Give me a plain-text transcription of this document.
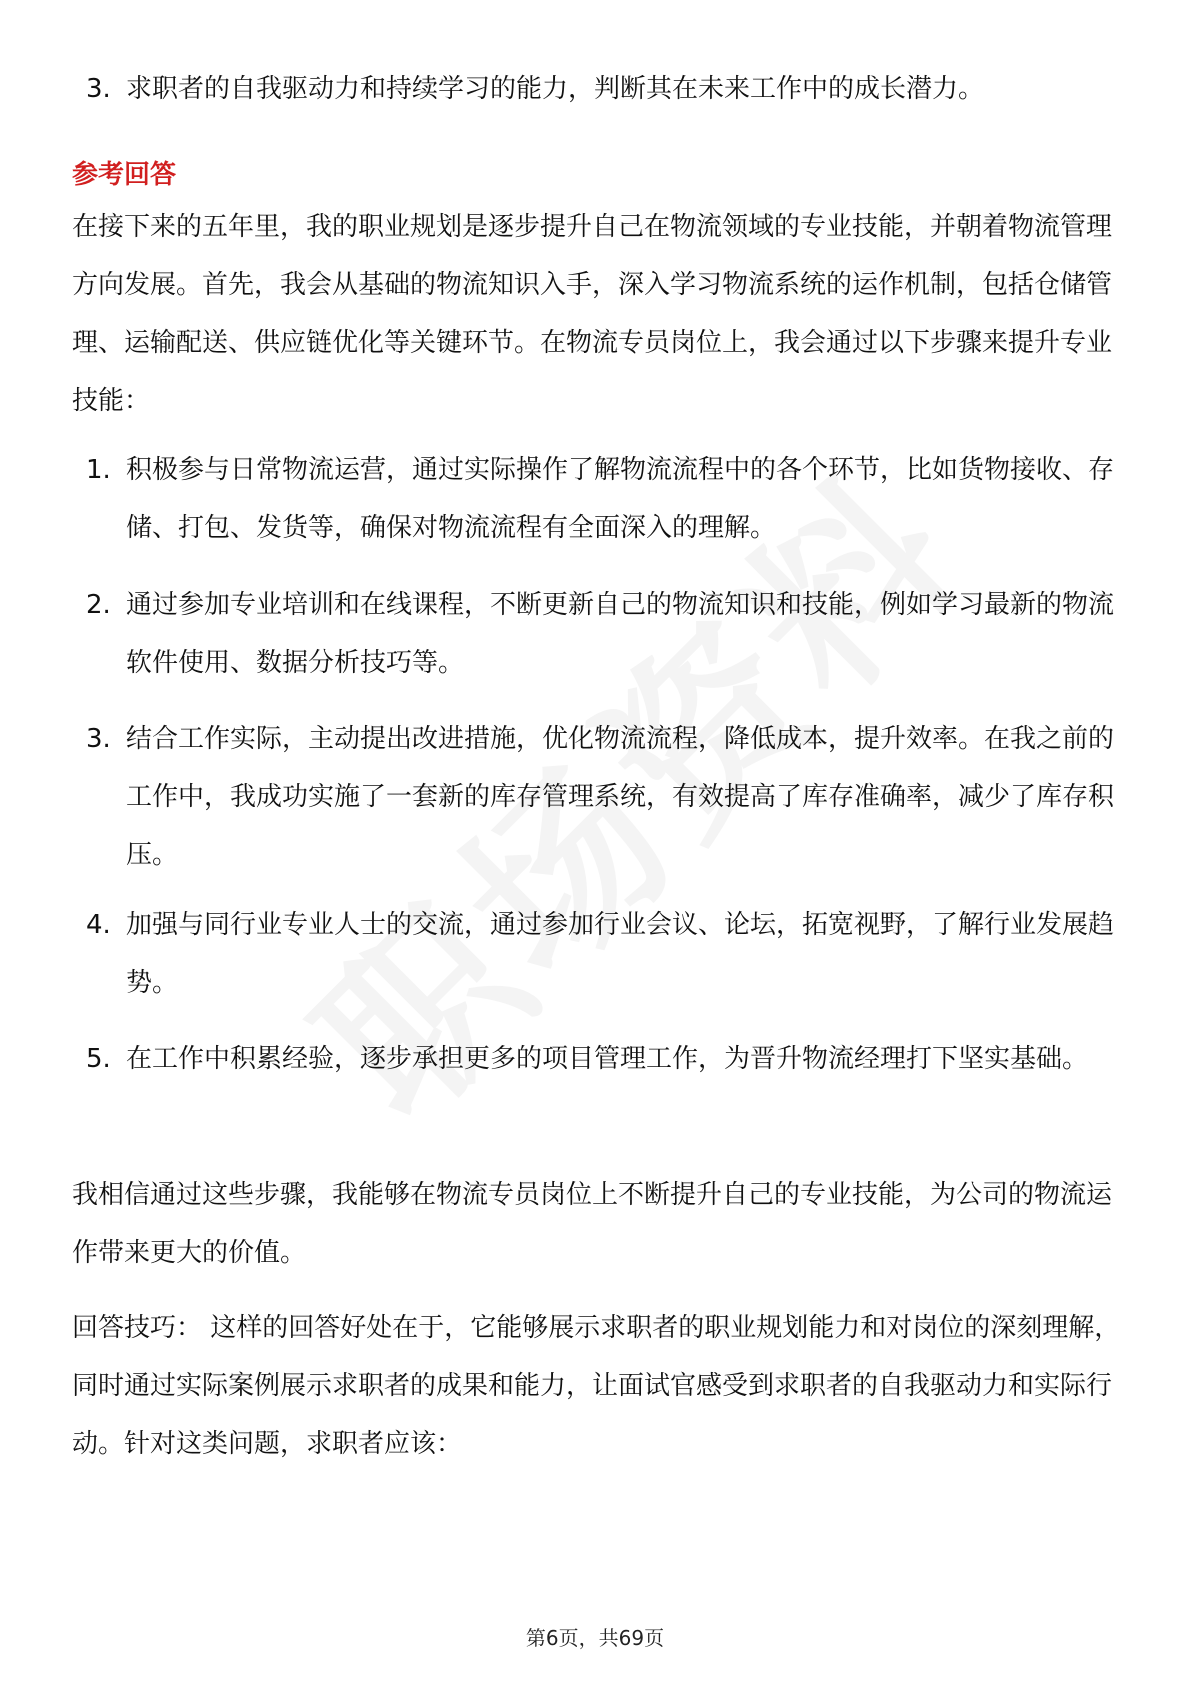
3. 求职者的自我驱动力和持续学习的能力，判断其在未来工作中的成长潜力。
参考回答
在接下来的五年里，我的职业规划是逐步提升自己在物流领域的专业技能，并朝着物流管理方向发展。首先，我会从基础的物流知识入手，深入学习物流系统的运作机制，包括仓储管理、运输配送、供应链优化等关键环节。在物流专员岗位上，我会通过以下步骤来提升专业技能：
1. 积极参与日常物流运营，通过实际操作了解物流流程中的各个环节，比如货物接收、存储、打包、发货等，确保对物流流程有全面深入的理解。
2. 通过参加专业培训和在线课程，不断更新自己的物流知识和技能，例如学习最新的物流软件使用、数据分析技巧等。
3. 结合工作实际，主动提出改进措施，优化物流流程，降低成本，提升效率。在我之前的工作中，我成功实施了一套新的库存管理系统，有效提高了库存准确率，减少了库存积压。
4. 加强与同行业专业人士的交流，通过参加行业会议、论坛，拓宽视野，了解行业发展趋势。
5. 在工作中积累经验，逐步承担更多的项目管理工作，为晋升物流经理打下坚实基础。
我相信通过这些步骤，我能够在物流专员岗位上不断提升自己的专业技能，为公司的物流运作带来更大的价值。
回答技巧： 这样的回答好处在于，它能够展示求职者的职业规划能力和对岗位的深刻理解，同时通过实际案例展示求职者的成果和能力，让面试官感受到求职者的自我驱动力和实际行动。针对这类问题，求职者应该：
第6页，共69页
